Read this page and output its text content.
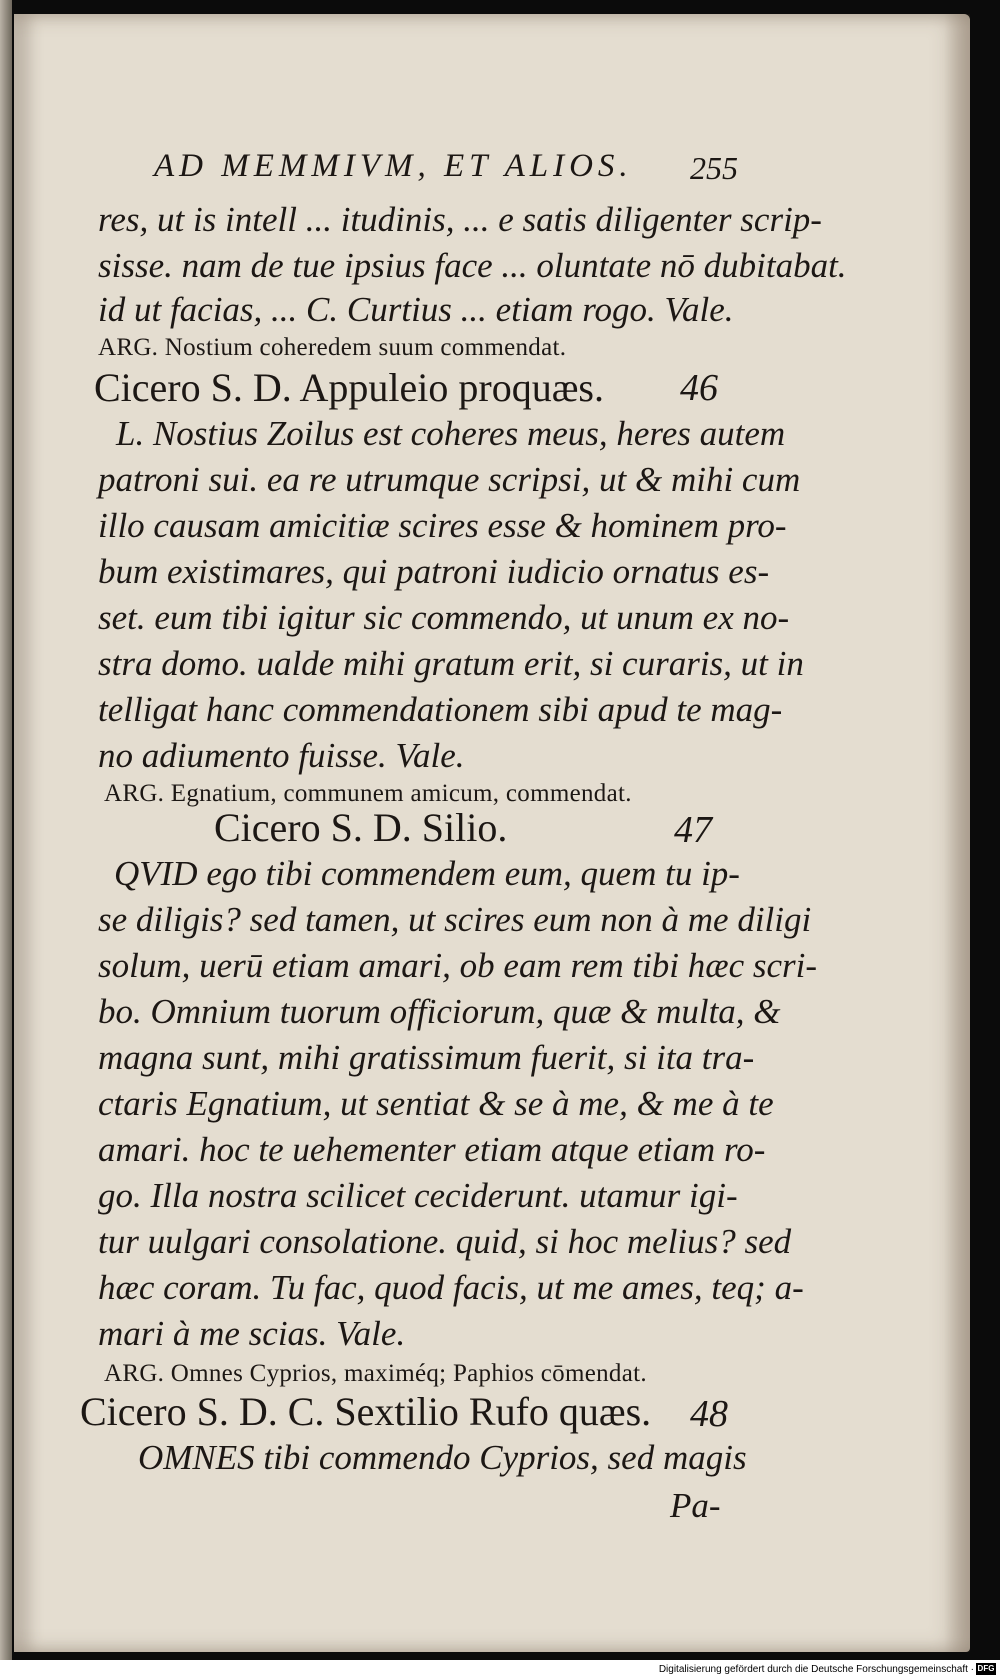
AD MEMMIVM, ET ALIOS. 255
res, ut is intell ... itudinis, ... e satis diligenter scrip-
sisse. nam de tue ipsius face ... oluntate nō dubitabat.
id ut facias, ... C. Curtius ... etiam rogo. Vale.
ARG. Nostium coheredem suum commendat.
Cicero S. D. Appuleio proquæs. 46
L. Nostius Zoilus est coheres meus, heres autem
patroni sui. ea re utrumque scripsi, ut & mihi cum
illo causam amicitiæ scires esse & hominem pro-
bum existimares, qui patroni iudicio ornatus es-
set. eum tibi igitur sic commendo, ut unum ex no-
stra domo. ualde mihi gratum erit, si curaris, ut in
telligat hanc commendationem sibi apud te mag-
no adiumento fuisse. Vale.
ARG. Egnatium, communem amicum, commendat.
Cicero S. D. Silio.	47
QVID ego tibi commendem eum, quem tu ip-
se diligis? sed tamen, ut scires eum non à me diligi
solum, uerū etiam amari, ob eam rem tibi hæc scri-
bo. Omnium tuorum officiorum, quæ & multa, &
magna sunt, mihi gratissimum fuerit, si ita tra-
ctaris Egnatium, ut sentiat & se à me, & me à te
amari. hoc te uehementer etiam atque etiam ro-
go. Illa nostra scilicet ceciderunt. utamur igi-
tur uulgari consolatione. quid, si hoc melius? sed
hæc coram. Tu fac, quod facis, ut me ames, teq; a-
mari à me scias. Vale.
ARG. Omnes Cyprios, maximéq; Paphios cōmendat.
Cicero S. D. C. Sextilio Rufo quæs. 48
OMNES tibi commendo Cyprios, sed magis
Pa-
Digitalisierung gefördert durch die Deutsche Forschungsgemeinschaft · DFG
